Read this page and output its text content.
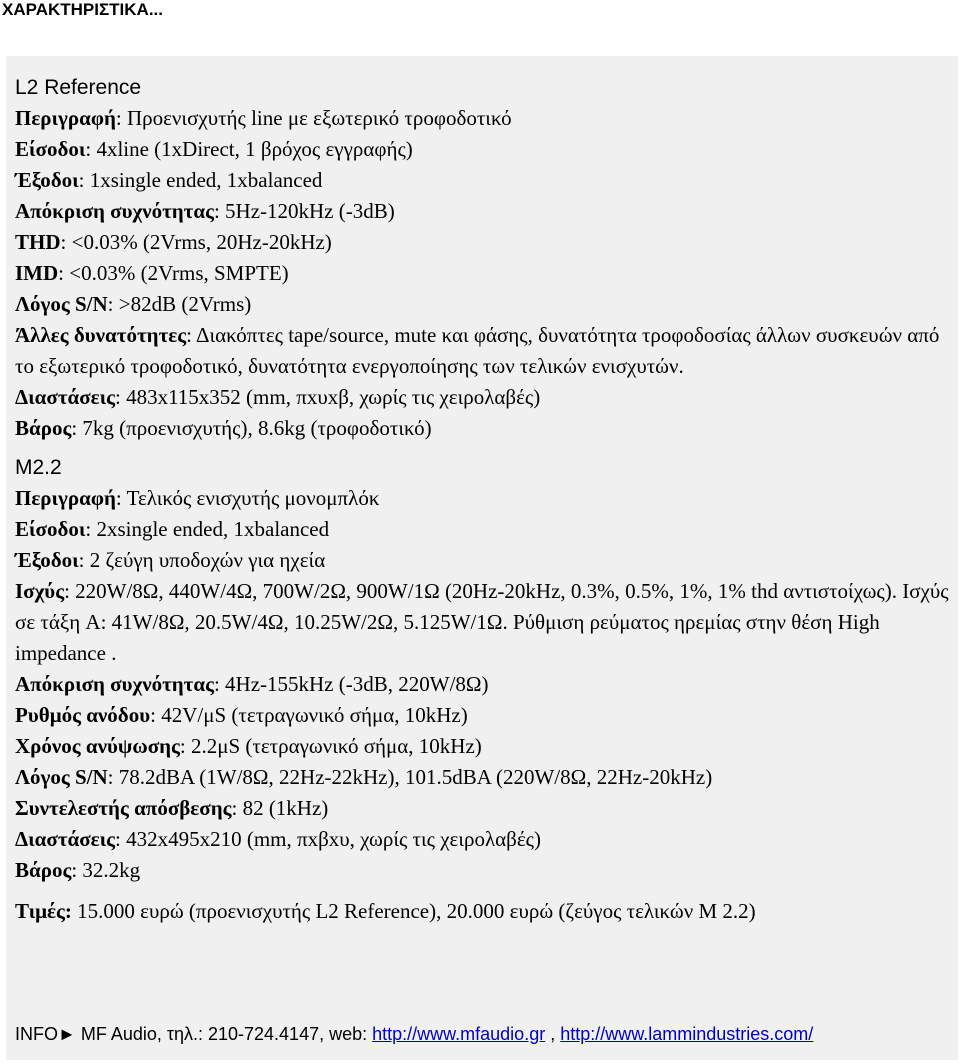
ΧΑΡΑΚΤΗΡΙΣΤΙΚΑ...
L2 Reference
Περιγραφή: Προενισχυτής line με εξωτερικό τροφοδοτικό
Είσοδοι: 4xline (1xDirect, 1 βρόχος εγγραφής)
Έξοδοι: 1xsingle ended, 1xbalanced
Απόκριση συχνότητας: 5Hz-120kHz (-3dB)
THD: <0.03% (2Vrms, 20Hz-20kHz)
IMD: <0.03% (2Vrms, SMPTE)
Λόγος S/N: >82dB (2Vrms)
Άλλες δυνατότητες: Διακόπτες tape/source, mute και φάσης, δυνατότητα τροφοδοσίας άλλων συσκευών από το εξωτερικό τροφοδοτικό, δυνατότητα ενεργοποίησης των τελικών ενισχυτών.
Διαστάσεις: 483x115x352 (mm, πxυxβ, χωρίς τις χειρολαβές)
Βάρος: 7kg (προενισχυτής), 8.6kg (τροφοδοτικό)
M2.2
Περιγραφή: Τελικός ενισχυτής μονομπλόκ
Είσοδοι: 2xsingle ended, 1xbalanced
Έξοδοι: 2 ζεύγη υποδοχών για ηχεία
Ισχύς: 220W/8Ω, 440W/4Ω, 700W/2Ω, 900W/1Ω (20Hz-20kHz, 0.3%, 0.5%, 1%, 1% thd αντιστοίχως). Ισχύς σε τάξη A: 41W/8Ω, 20.5W/4Ω, 10.25W/2Ω, 5.125W/1Ω. Ρύθμιση ρεύματος ηρεμίας στην θέση High impedance .
Απόκριση συχνότητας: 4Hz-155kHz (-3dB, 220W/8Ω)
Ρυθμός ανόδου: 42V/μS (τετραγωνικό σήμα, 10kHz)
Χρόνος ανύψωσης: 2.2μS (τετραγωνικό σήμα, 10kHz)
Λόγος S/N: 78.2dBA (1W/8Ω, 22Hz-22kHz), 101.5dBA (220W/8Ω, 22Hz-20kHz)
Συντελεστής απόσβεσης: 82 (1kHz)
Διαστάσεις: 432x495x210 (mm, πxβxυ, χωρίς τις χειρολαβές)
Βάρος: 32.2kg
Τιμές: 15.000 ευρώ (προενισχυτής L2 Reference), 20.000 ευρώ (ζεύγος τελικών M 2.2)
INFO► MF Audio, τηλ.: 210-724.4147, web: http://www.mfaudio.gr , http://www.lammindustries.com/
